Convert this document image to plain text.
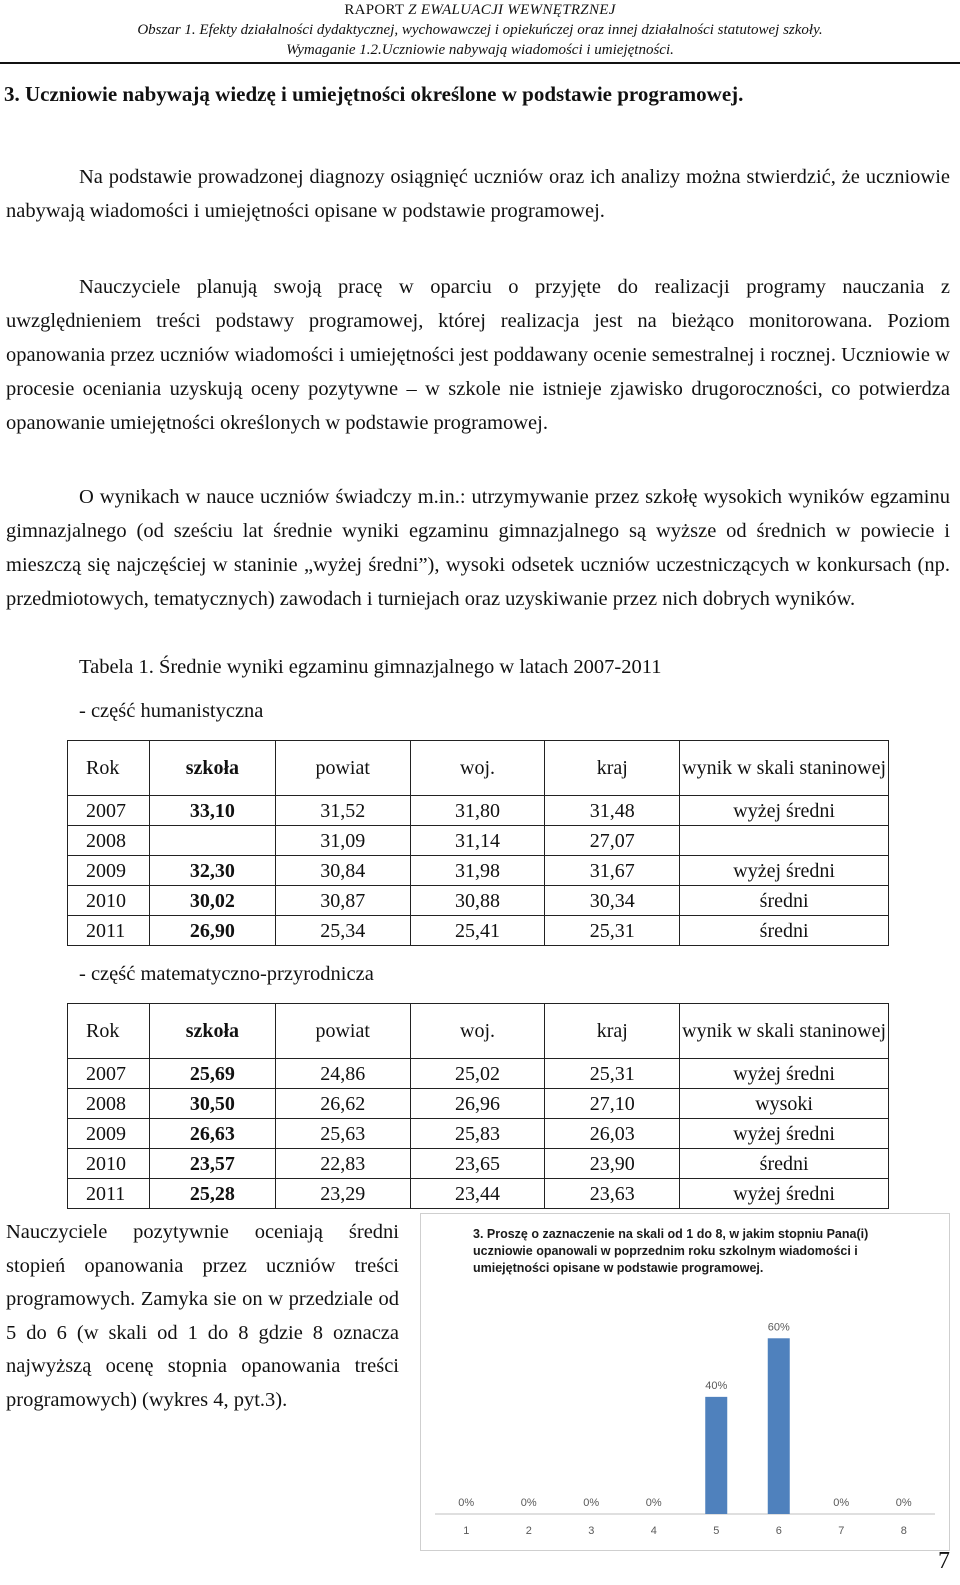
RAPORT Z EWALUACJI WEWNĘTRZNEJ
Obszar 1. Efekty działalności dydaktycznej, wychowawczej i opiekuńczej oraz innej działalności statutowej szkoły.
Wymaganie 1.2.Uczniowie nabywają wiadomości i umiejętności.
3. Uczniowie nabywają wiedzę i umiejętności określone w podstawie programowej.
Na podstawie prowadzonej diagnozy osiągnięć uczniów oraz ich analizy można stwierdzić, że uczniowie nabywają wiadomości i umiejętności opisane w podstawie programowej.
Nauczyciele planują swoją pracę w oparciu o przyjęte do realizacji programy nauczania z uwzględnieniem treści podstawy programowej, której realizacja jest na bieżąco monitorowana. Poziom opanowania przez uczniów wiadomości i umiejętności jest poddawany ocenie semestralnej i rocznej. Uczniowie w procesie oceniania uzyskują oceny pozytywne – w szkole nie istnieje zjawisko drugoroczności, co potwierdza opanowanie umiejętności określonych w podstawie programowej.
O wynikach w nauce uczniów świadczy m.in.: utrzymywanie przez szkołę wysokich wyników egzaminu gimnazjalnego (od sześciu lat średnie wyniki egzaminu gimnazjalnego są wyższe od średnich w powiecie i mieszczą się najczęściej w staninie „wyżej średni”), wysoki odsetek uczniów uczestniczących w konkursach (np. przedmiotowych, tematycznych) zawodach i turniejach oraz uzyskiwanie przez nich dobrych wyników.
Tabela 1. Średnie wyniki egzaminu gimnazjalnego w latach 2007-2011
- część humanistyczna
Rok	szkoła	powiat	woj.	kraj	wynik w skali staninowej
2007	33,10	31,52	31,80	31,48	wyżej średni
2008		31,09	31,14	27,07	
2009	32,30	30,84	31,98	31,67	wyżej średni
2010	30,02	30,87	30,88	30,34	średni
2011	26,90	25,34	25,41	25,31	średni
- część matematyczno-przyrodnicza
Rok	szkoła	powiat	woj.	kraj	wynik w skali staninowej
2007	25,69	24,86	25,02	25,31	wyżej średni
2008	30,50	26,62	26,96	27,10	wysoki
2009	26,63	25,63	25,83	26,03	wyżej średni
2010	23,57	22,83	23,65	23,90	średni
2011	25,28	23,29	23,44	23,63	wyżej średni
Nauczyciele pozytywnie oceniają średni stopień opanowania przez uczniów treści programowych. Zamyka sie on w przedziale od 5 do 6 (w skali od 1 do 8 gdzie 8 oznacza najwyższą ocenę stopnia opanowania treści programowych) (wykres 4, pyt.3).
3. Proszę o zaznaczenie na skali od 1 do 8, w jakim stopniu Pana(i) uczniowie opanowali w poprzednim roku szkolnym wiadomości i umiejętności opisane w podstawie programowej.
0%
1
0%
2
0%
3
0%
4
40%
5
60%
6
0%
7
0%
8
7
